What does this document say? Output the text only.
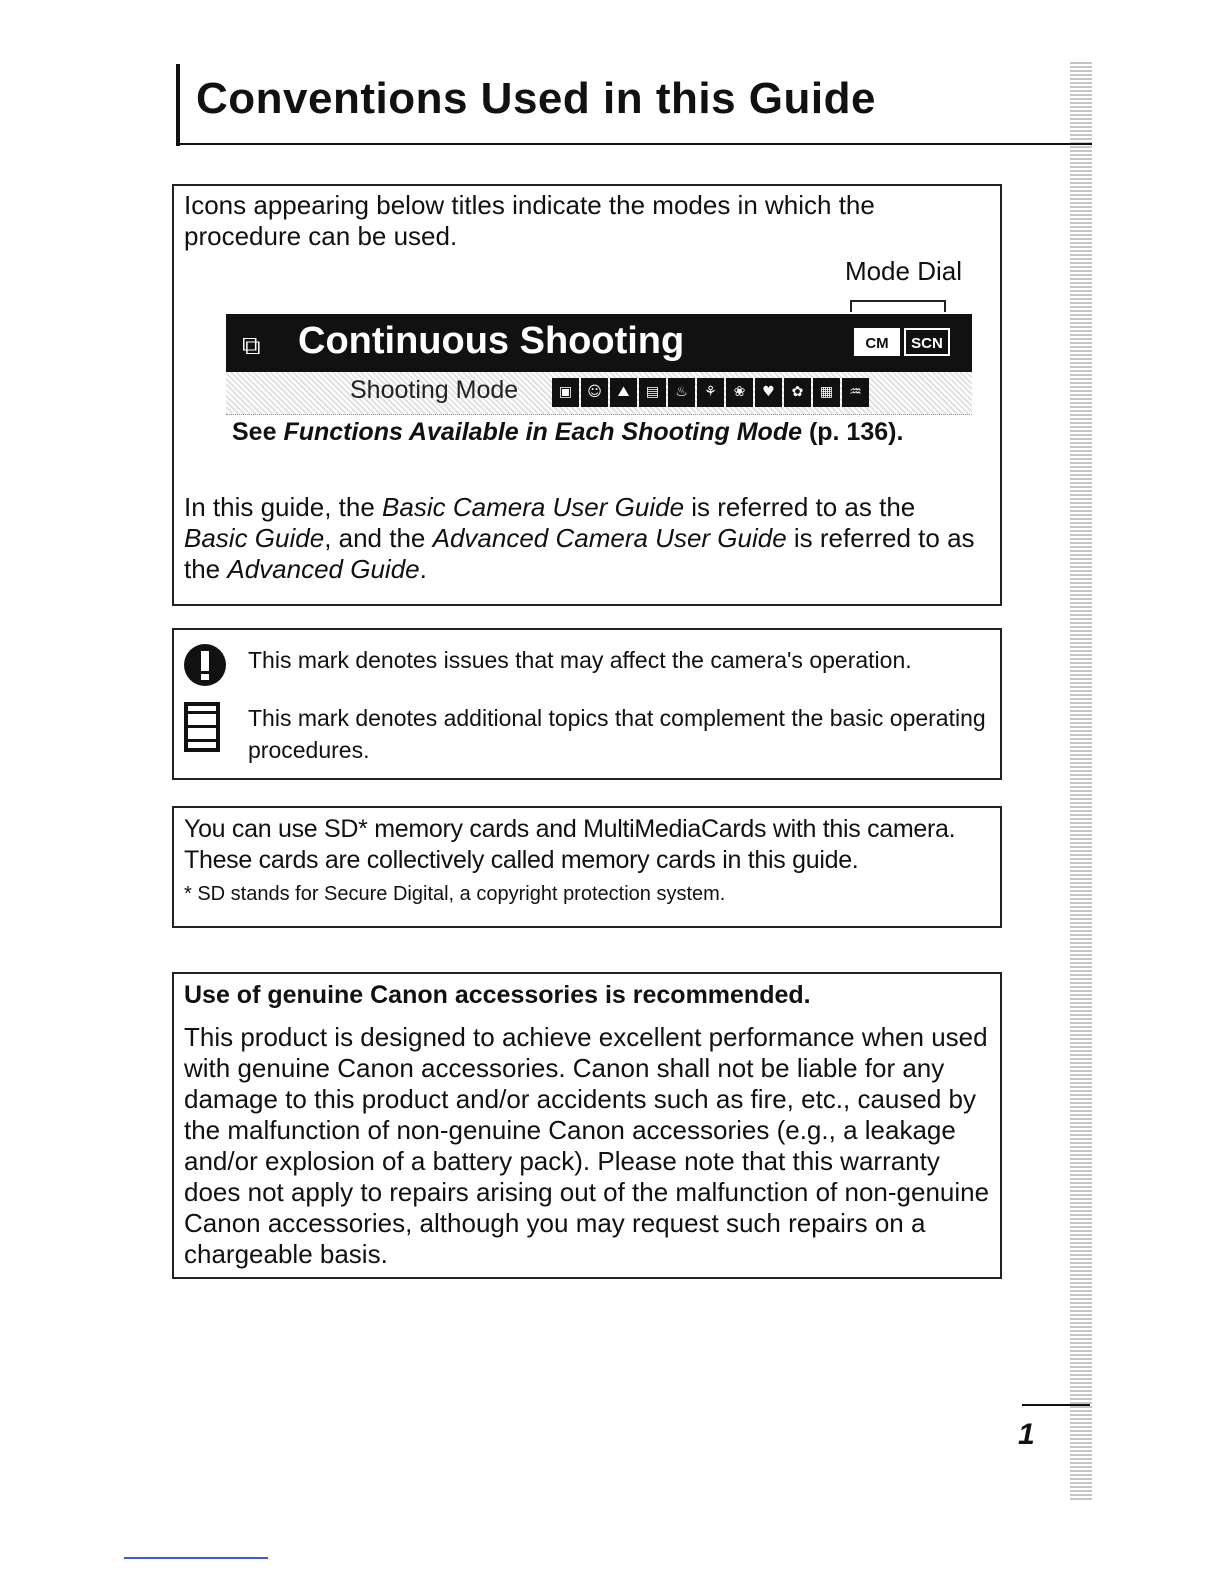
Conventions Used in this Guide

Icons appearing below titles indicate the modes in which the procedure can be used.

Mode Dial

⧉ Continuous Shooting	CM	SCN

Shooting Mode	▣	☺	⛰	▤	♨	⚘	❀	♥	✿	▦	♒

See Functions Available in Each Shooting Mode (p. 136).

In this guide, the Basic Camera User Guide is referred to as the Basic Guide, and the Advanced Camera User Guide is referred to as the Advanced Guide.

This mark denotes issues that may affect the camera's operation.

This mark denotes additional topics that complement the basic operating procedures.

You can use SD* memory cards and MultiMediaCards with this camera. These cards are collectively called memory cards in this guide.

* SD stands for Secure Digital, a copyright protection system.

Use of genuine Canon accessories is recommended.

This product is designed to achieve excellent performance when used with genuine Canon accessories. Canon shall not be liable for any damage to this product and/or accidents such as fire, etc., caused by the malfunction of non-genuine Canon accessories (e.g., a leakage and/or explosion of a battery pack). Please note that this warranty does not apply to repairs arising out of the malfunction of non-genuine Canon accessories, although you may request such repairs on a chargeable basis.

1
